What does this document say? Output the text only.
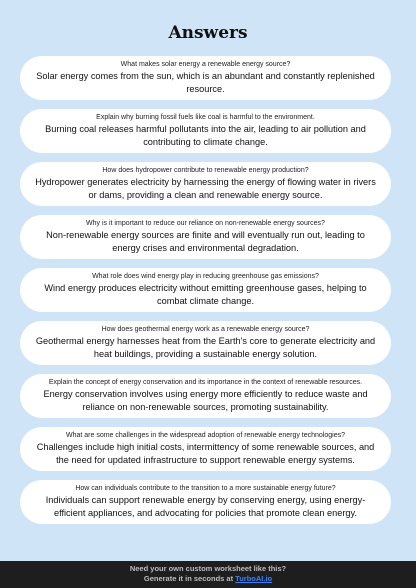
Answers
What makes solar energy a renewable energy source?
Solar energy comes from the sun, which is an abundant and constantly replenished resource.
Explain why burning fossil fuels like coal is harmful to the environment.
Burning coal releases harmful pollutants into the air, leading to air pollution and contributing to climate change.
How does hydropower contribute to renewable energy production?
Hydropower generates electricity by harnessing the energy of flowing water in rivers or dams, providing a clean and renewable energy source.
Why is it important to reduce our reliance on non-renewable energy sources?
Non-renewable energy sources are finite and will eventually run out, leading to energy crises and environmental degradation.
What role does wind energy play in reducing greenhouse gas emissions?
Wind energy produces electricity without emitting greenhouse gases, helping to combat climate change.
How does geothermal energy work as a renewable energy source?
Geothermal energy harnesses heat from the Earth's core to generate electricity and heat buildings, providing a sustainable energy solution.
Explain the concept of energy conservation and its importance in the context of renewable resources.
Energy conservation involves using energy more efficiently to reduce waste and reliance on non-renewable sources, promoting sustainability.
What are some challenges in the widespread adoption of renewable energy technologies?
Challenges include high initial costs, intermittency of some renewable sources, and the need for updated infrastructure to support renewable energy systems.
How can individuals contribute to the transition to a more sustainable energy future?
Individuals can support renewable energy by conserving energy, using energy-efficient appliances, and advocating for policies that promote clean energy.
Need your own custom worksheet like this?
Generate it in seconds at TurboAI.io
